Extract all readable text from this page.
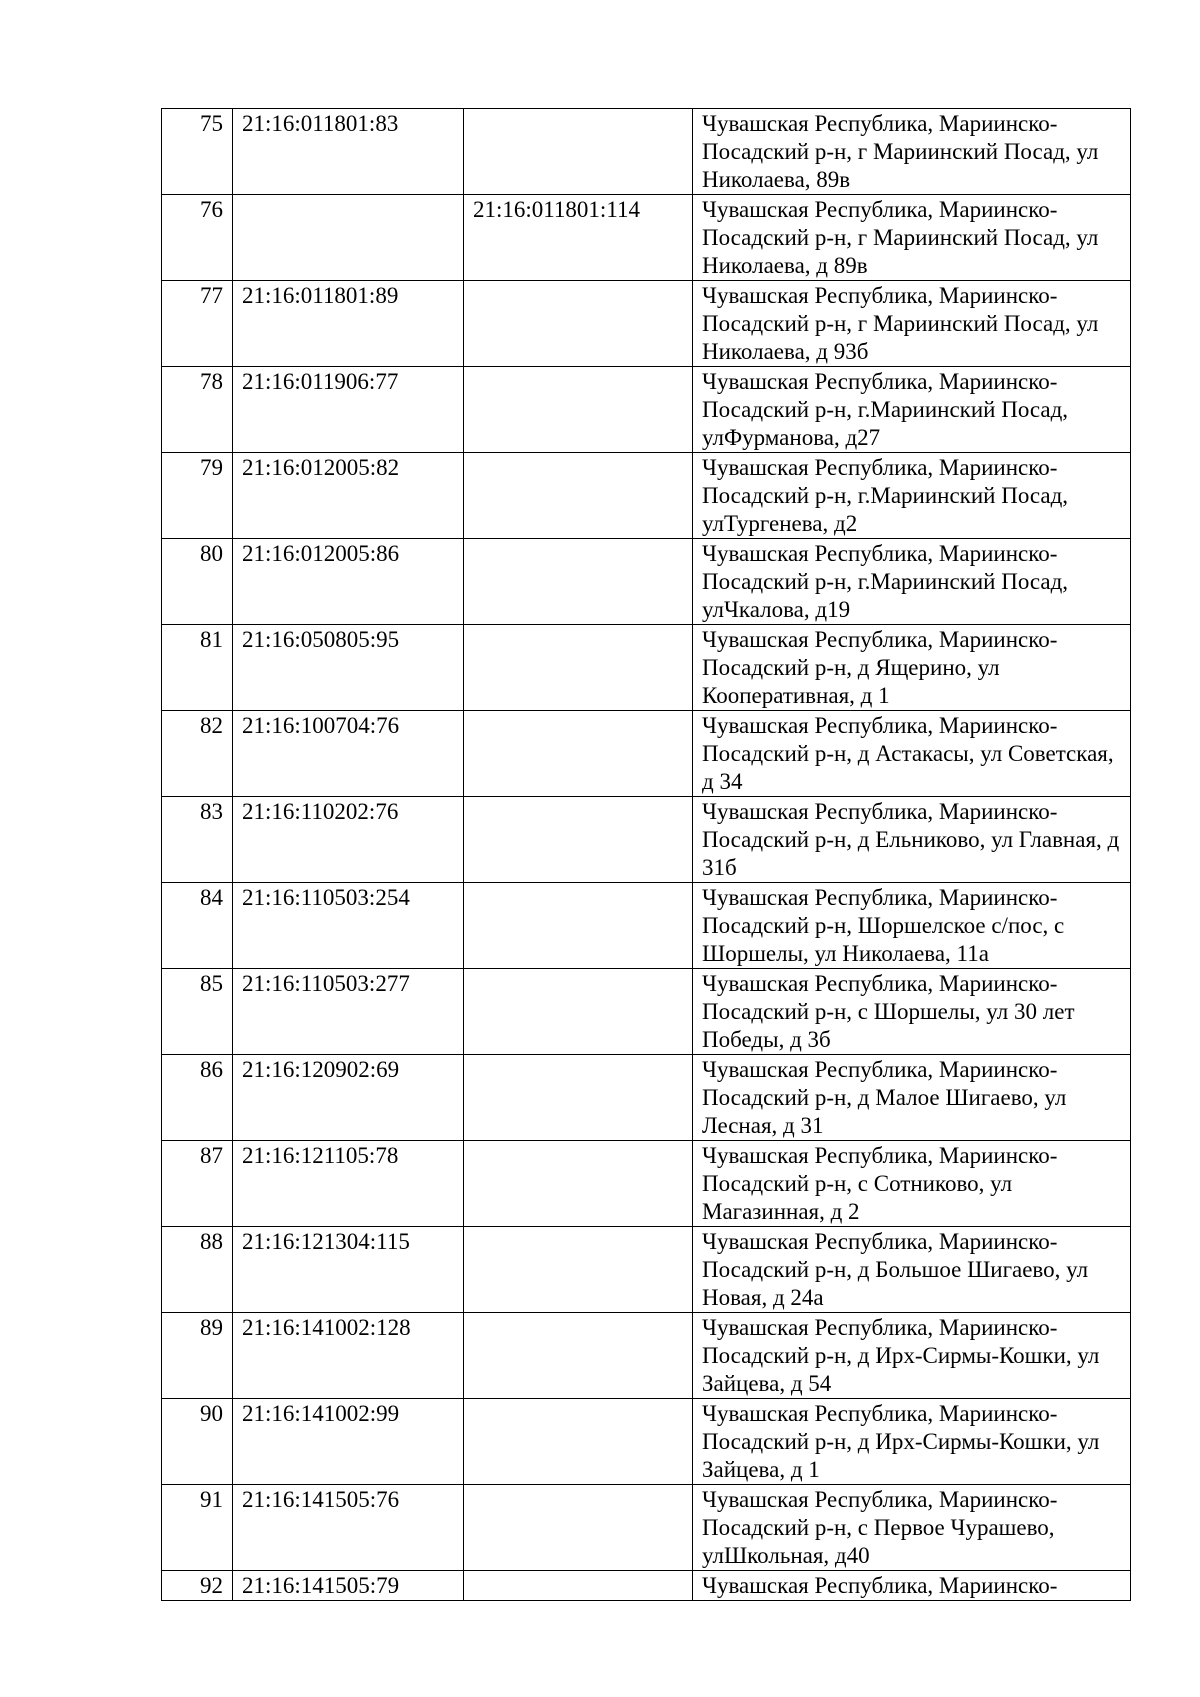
75	21:16:011801:83		Чувашская Республика, Мариинско-Посадский р-н, г Мариинский Посад, ул Николаева, 89в
76		21:16:011801:114	Чувашская Республика, Мариинско-Посадский р-н, г Мариинский Посад, ул Николаева, д 89в
77	21:16:011801:89		Чувашская Республика, Мариинско-Посадский р-н, г Мариинский Посад, ул Николаева, д 93б
78	21:16:011906:77		Чувашская Республика, Мариинско-Посадский р-н, г.Мариинский Посад, улФурманова, д27
79	21:16:012005:82		Чувашская Республика, Мариинско-Посадский р-н, г.Мариинский Посад, улТургенева, д2
80	21:16:012005:86		Чувашская Республика, Мариинско-Посадский р-н, г.Мариинский Посад, улЧкалова, д19
81	21:16:050805:95		Чувашская Республика, Мариинско-Посадский р-н, д Ящерино, ул Кооперативная, д 1
82	21:16:100704:76		Чувашская Республика, Мариинско-Посадский р-н, д Астакасы, ул Советская, д 34
83	21:16:110202:76		Чувашская Республика, Мариинско-Посадский р-н, д Ельниково, ул Главная, д 31б
84	21:16:110503:254		Чувашская Республика, Мариинско-Посадский р-н, Шоршелское с/пос, с Шоршелы, ул Николаева, 11а
85	21:16:110503:277		Чувашская Республика, Мариинско-Посадский р-н, с Шоршелы, ул 30 лет Победы, д 3б
86	21:16:120902:69		Чувашская Республика, Мариинско-Посадский р-н, д Малое Шигаево, ул Лесная, д 31
87	21:16:121105:78		Чувашская Республика, Мариинско-Посадский р-н, с Сотниково, ул Магазинная, д 2
88	21:16:121304:115		Чувашская Республика, Мариинско-Посадский р-н, д Большое Шигаево, ул Новая, д 24а
89	21:16:141002:128		Чувашская Республика, Мариинско-Посадский р-н, д Ирх-Сирмы-Кошки, ул Зайцева, д 54
90	21:16:141002:99		Чувашская Республика, Мариинско-Посадский р-н, д Ирх-Сирмы-Кошки, ул Зайцева, д 1
91	21:16:141505:76		Чувашская Республика, Мариинско-Посадский р-н, с Первое Чурашево, улШкольная, д40
92	21:16:141505:79		Чувашская Республика, Мариинско-
